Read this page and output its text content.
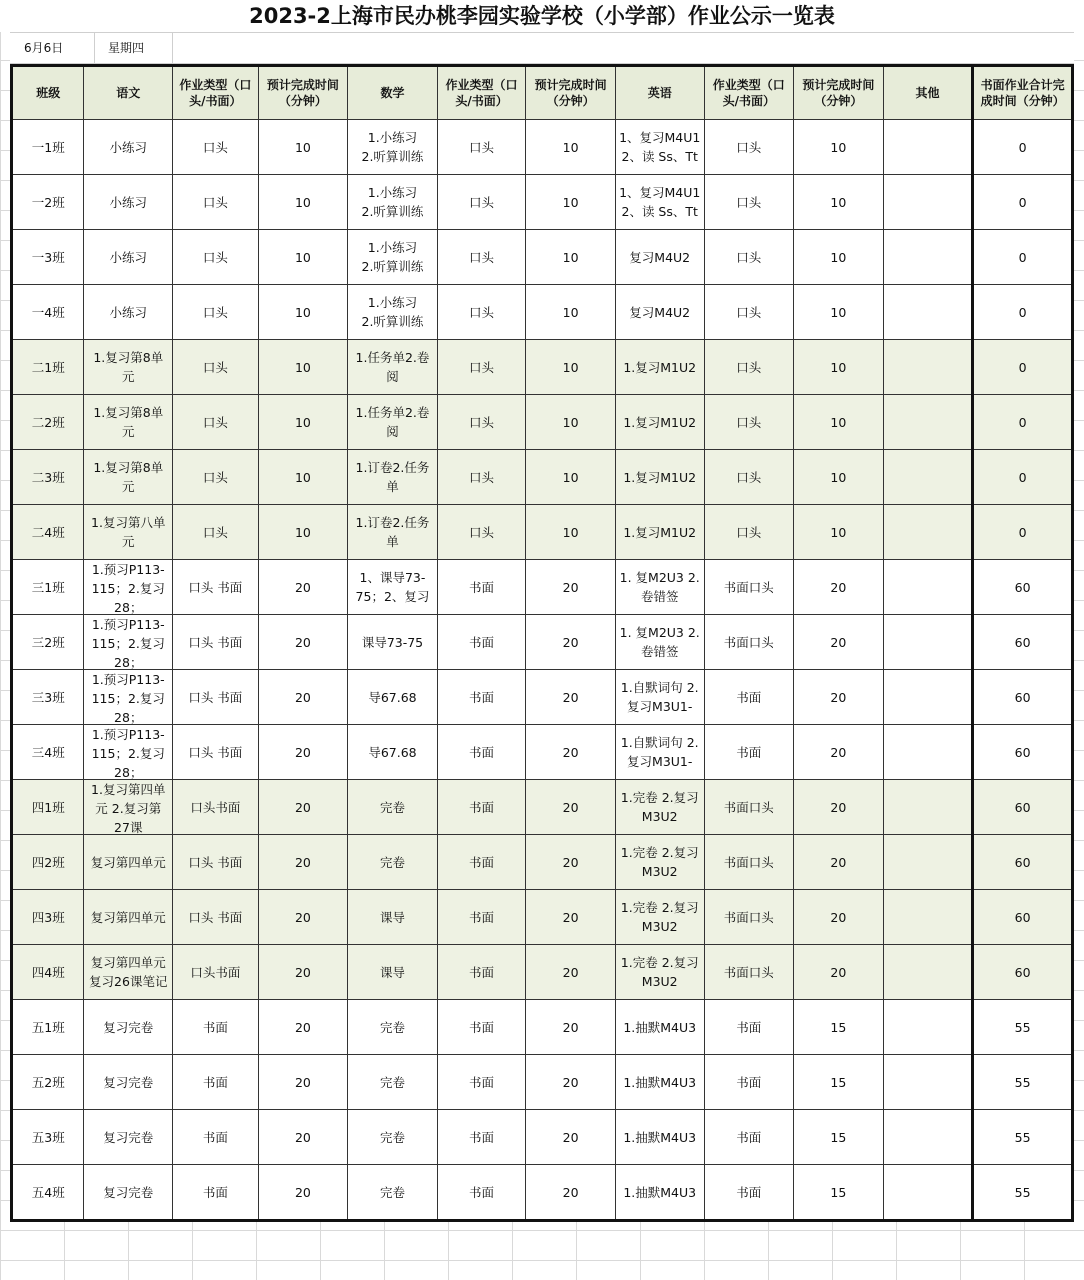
2023-2上海市民办桃李园实验学校（小学部）作业公示一览表
6月6日	星期四
班级	语文	作业类型（口头/书面）	预计完成时间（分钟）	数学	作业类型（口头/书面）	预计完成时间（分钟）	英语	作业类型（口头/书面）	预计完成时间（分钟）	其他	书面作业合计完成时间（分钟）

一1班	小练习	口头	10	1.小练习
2.听算训练	口头	10	1、复习M4U1 2、读 Ss、Tt	口头	10		0

一2班	小练习	口头	10	1.小练习
2.听算训练	口头	10	1、复习M4U1 2、读 Ss、Tt	口头	10		0

一3班	小练习	口头	10	1.小练习
2.听算训练	口头	10	复习M4U2	口头	10		0

一4班	小练习	口头	10	1.小练习
2.听算训练	口头	10	复习M4U2	口头	10		0

二1班	1.复习第8单元	口头	10	1.任务单2.卷阅	口头	10	1.复习M1U2	口头	10		0

二2班	1.复习第8单元	口头	10	1.任务单2.卷阅	口头	10	1.复习M1U2	口头	10		0

二3班	1.复习第8单元	口头	10	1.订卷2.任务单	口头	10	1.复习M1U2	口头	10		0

二4班	1.复习第八单元	口头	10	1.订卷2.任务单	口头	10	1.复习M1U2	口头	10		0

三1班	1.预习P113-115；2.复习28；	口头 书面	20	1、课导73-75；2、复习	书面	20	1. 复M2U3 2.卷错签	书面口头	20		60

三2班	1.预习P113-115；2.复习28；	口头 书面	20	课导73-75	书面	20	1. 复M2U3 2.卷错签	书面口头	20		60

三3班	1.预习P113-115；2.复习28；	口头 书面	20	导67.68	书面	20	1.自默词句 2.复习M3U1-	书面	20		60

三4班	1.预习P113-115；2.复习28；	口头 书面	20	导67.68	书面	20	1.自默词句 2.复习M3U1-	书面	20		60

四1班	1.复习第四单元 2.复习第27课	口头书面	20	完卷	书面	20	1.完卷 2.复习M3U2	书面口头	20		60

四2班	复习第四单元	口头 书面	20	完卷	书面	20	1.完卷 2.复习M3U2	书面口头	20		60

四3班	复习第四单元	口头 书面	20	课导	书面	20	1.完卷 2.复习M3U2	书面口头	20		60

四4班	复习第四单元 复习26课笔记	口头书面	20	课导	书面	20	1.完卷 2.复习M3U2	书面口头	20		60

五1班	复习完卷	书面	20	完卷	书面	20	1.抽默M4U3	书面	15		55

五2班	复习完卷	书面	20	完卷	书面	20	1.抽默M4U3	书面	15		55

五3班	复习完卷	书面	20	完卷	书面	20	1.抽默M4U3	书面	15		55

五4班	复习完卷	书面	20	完卷	书面	20	1.抽默M4U3	书面	15		55
